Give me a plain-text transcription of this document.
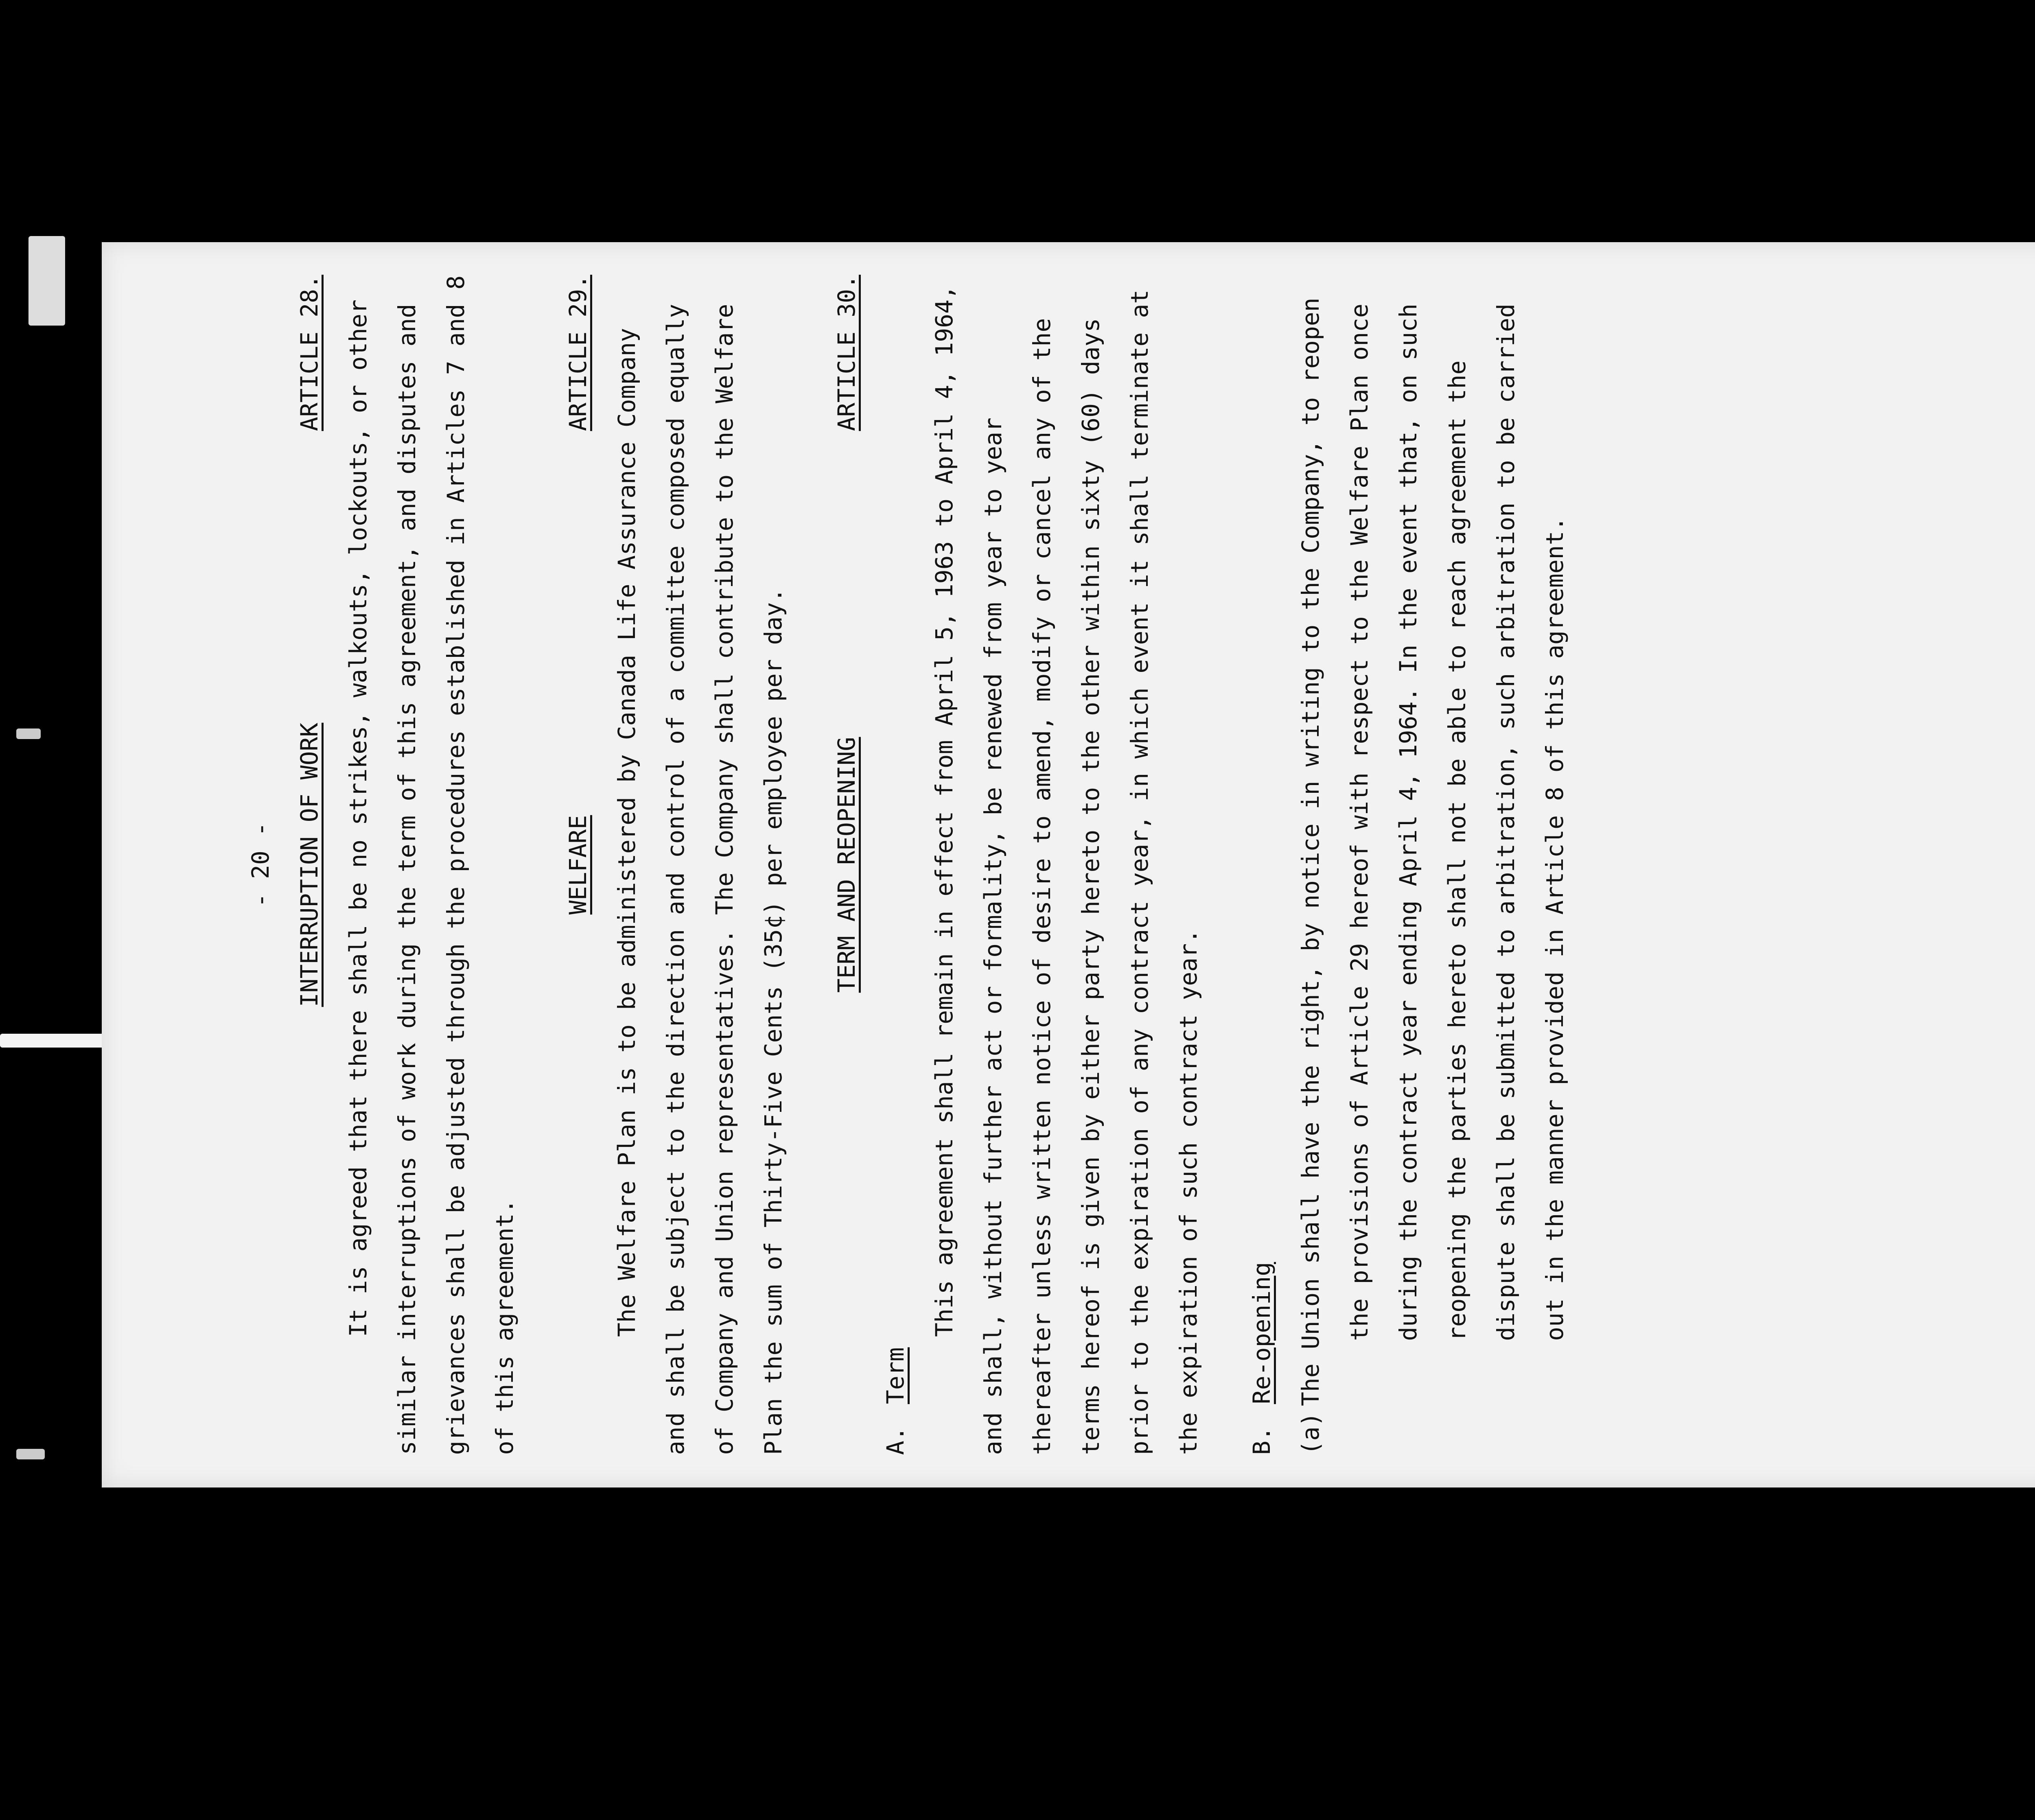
- 20 - INTERRUPTION OF WORK
ARTICLE 28. It is agreed that there shall be no strikes, walkouts, lockouts, or other similar interruptions of work during the term of this agreement, and disputes and grievances shall be adjusted through the procedures established in Articles 7 and 8 of this agreement.

WELFARE
ARTICLE 29. The Welfare Plan is to be administered by Canada Life Assurance Company and shall be subject to the direction and control of a committee composed equally of Company and Union representatives. The Company shall contribute to the Welfare Plan the sum of Thirty-Five Cents (35¢) per employee per day.	TERM AND REOPENING
ARTICLE 30.
A. Term

This agreement shall remain in effect from April 5, 1963 to April 4, 1964, and shall, without further act or formality, be renewed from year to year thereafter unless written notice of desire to amend, modify or cancel any of the terms hereof is given by either party hereto to the other within sixty (60) days prior to the expiration of any contract year, in which event it shall terminate at the expiration of such contract year.	B. Re-opening
(a)

The Union shall have the right, by notice in writing to the Company, to reopen the provisions of Article 29 hereof with respect to the Welfare Plan once during the contract year ending April 4, 1964. In the event that, on such reopening the parties hereto shall not be able to reach agreement the dispute shall be submitted to arbitration, such arbitration to be carried out in the manner provided in Article 8 of this agreement.
